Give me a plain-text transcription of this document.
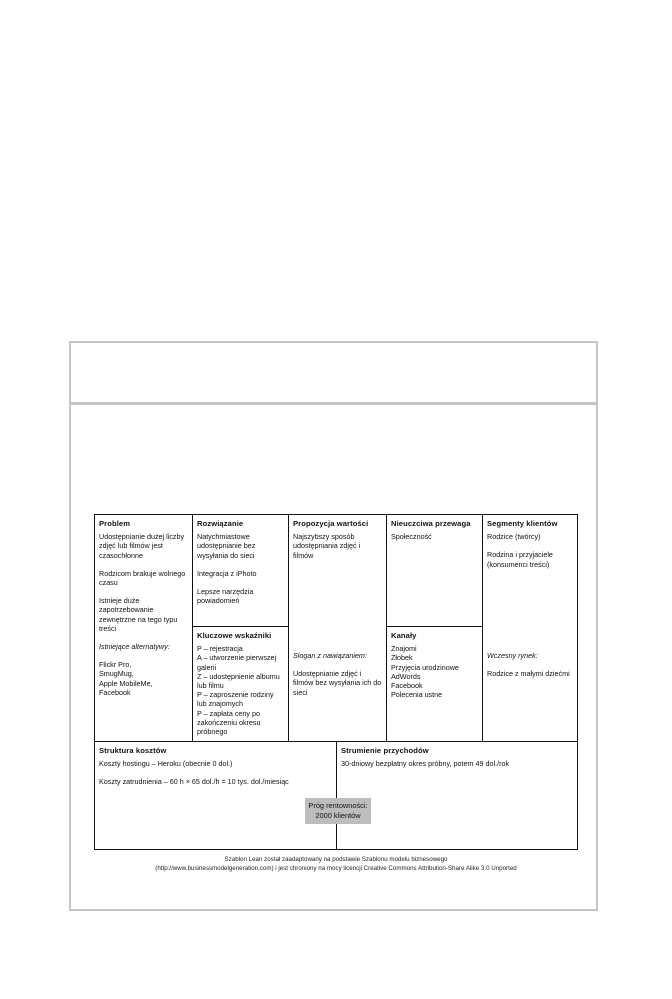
Problem
Udostępnianie dużej liczby zdjęć lub filmów jest czasochłonne
Rodzicom brakuje wolnego czasu
Istnieje duże zapotrzebowanie zewnętrzne na tego typu treści
Istniejące alternatywy:
Flickr Pro,
SmugMug,
Apple MobileMe,
Facebook
Rozwiązanie
Natychmiastowe udostępnianie bez wysyłania do sieci
Integracja z iPhoto
Lepsze narzędzia powiadomień
Kluczowe wskaźniki
P – rejestracja
A – utworzenie pierwszej galerii
Z – udostępnienie albumu lub filmu
P – zaproszenie rodziny lub znajomych
P – zapłata ceny po zakończeniu okresu próbnego
Propozycja wartości
Najszybszy sposób udostępniania zdjęć i filmów
Slogan z nawiązaniem:
Udostępnianie zdjęć i filmów bez wysyłania ich do sieci
Nieuczciwa przewaga
Społeczność
Kanały
Znajomi
Żłobek
Przyjęcia urodzinowe
AdWords
Facebook
Polecenia ustne
Segmenty klientów
Rodzice (twórcy)
Rodzina i przyjaciele (konsumenci treści)
Wczesny rynek:
Rodzice z małymi dziećmi
Struktura kosztów
Koszty hostingu – Heroku (obecnie 0 dol.)
Koszty zatrudnienia – 60 h × 65 dol./h = 10 tys. dol./miesiąc
Strumienie przychodów
30-dniowy bezpłatny okres próbny, potem 49 dol./rok
Próg rentowności:
2000 klientów
Szablon Lean został zaadaptowany na podstawie Szablonu modelu biznesowego
(http://www.businessmodelgeneration.com) i jest chroniony na mocy licencji Creative Commons Attribution-Share Alike 3.0 Unported
